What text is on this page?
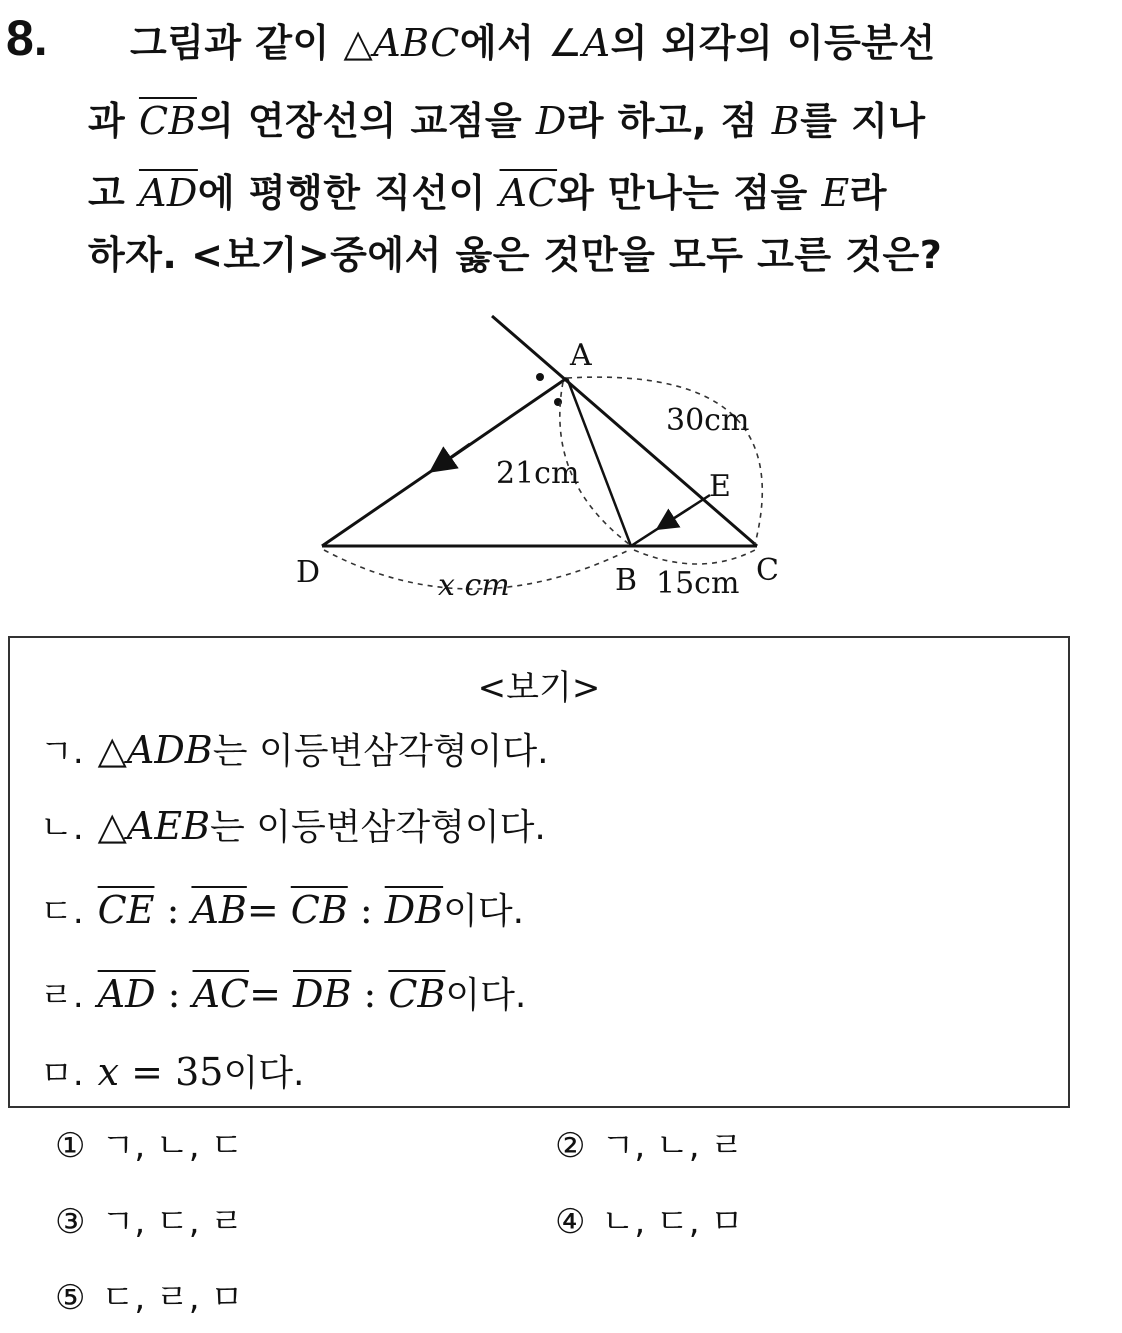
8. 그림과 같이 △ABC에서 ∠A의 외각의 이등분선
과 $\overline{CB}$의 연장선의 교점을 D라 하고, 점 B를 지나
고 $\overline{AD}$에 평행한 직선이 $\overline{AC}$와 만나는 점을 E라
하자. <보기>중에서 옳은 것만을 모두 고른 것은?
A
E
D	B	C
30cm
21cm
15cm
x cm
<보기>
ㄱ. △ADB는 이등변삼각형이다.
ㄴ. △AEB는 이등변삼각형이다.
ㄷ. $\overline{CE}$ : $\overline{AB}= \overline{CB}$ : $\overline{DB}$이다.
ㄹ. $\overline{AD}$ : $\overline{AC}= \overline{DB}$ : $\overline{CB}$이다.
ㅁ. x = 35이다.
① ㄱ, ㄴ, ㄷ	② ㄱ, ㄴ, ㄹ
③ ㄱ, ㄷ, ㄹ	④ ㄴ, ㄷ, ㅁ
⑤ ㄷ, ㄹ, ㅁ
